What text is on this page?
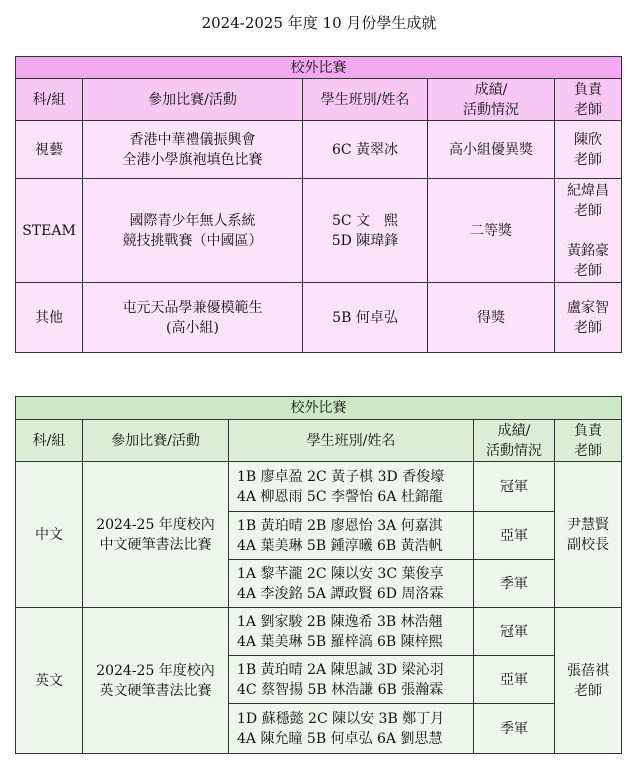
2024-2025 年度 10 月份學生成就
校外比賽				
科/組	參加比賽/活動	學生班別/姓名	成績/
活動情況	負責
老師
視藝	香港中華禮儀振興會
全港小學旗袍填色比賽	6C 黃翠冰	高小組優異獎	陳欣
老師
STEAM	國際青少年無人系統
競技挑戰賽（中國區）	5C 文　熙
5D 陳瑋鋒	二等獎	紀煒昌
老師

黃銘豪
老師
其他	屯元天品學兼優模範生
(高小組)	5B 何卓弘	得獎	盧家智
老師
校外比賽				
科/組	參加比賽/活動	學生班別/姓名	成績/
活動情況	負責
老師
中文	2024-25 年度校內
中文硬筆書法比賽	1B 廖卓盈 2C 黃子棋 3D 香俊壕
4A 柳恩雨 5C 李謦怡 6A 杜錦龍	冠軍	尹慧賢
副校長
		1B 黃珀晴 2B 廖恩怡 3A 何嘉淇
4A 葉美琳 5B 鍾淳曦 6B 黃浩帆	亞軍	
		1A 黎芊瀧 2C 陳以安 3C 葉俊享
4A 李浚銘 5A 譚政賢 6D 周洛霖	季軍	
英文	2024-25 年度校內
英文硬筆書法比賽	1A 劉家駿 2B 陳逸希 3B 林浩翹
4A 葉美琳 5B 羅梓滈 6B 陳梓熙	冠軍	張蓓祺
老師
		1B 黃珀晴 2A 陳思誠 3D 梁沁羽
4C 蔡智揚 5B 林浩謙 6B 張瀚霖	亞軍	
		1D 蘇穩懿 2C 陳以安 3B 鄭丁月
4A 陳允瞳 5B 何卓弘 6A 劉思慧	季軍	
